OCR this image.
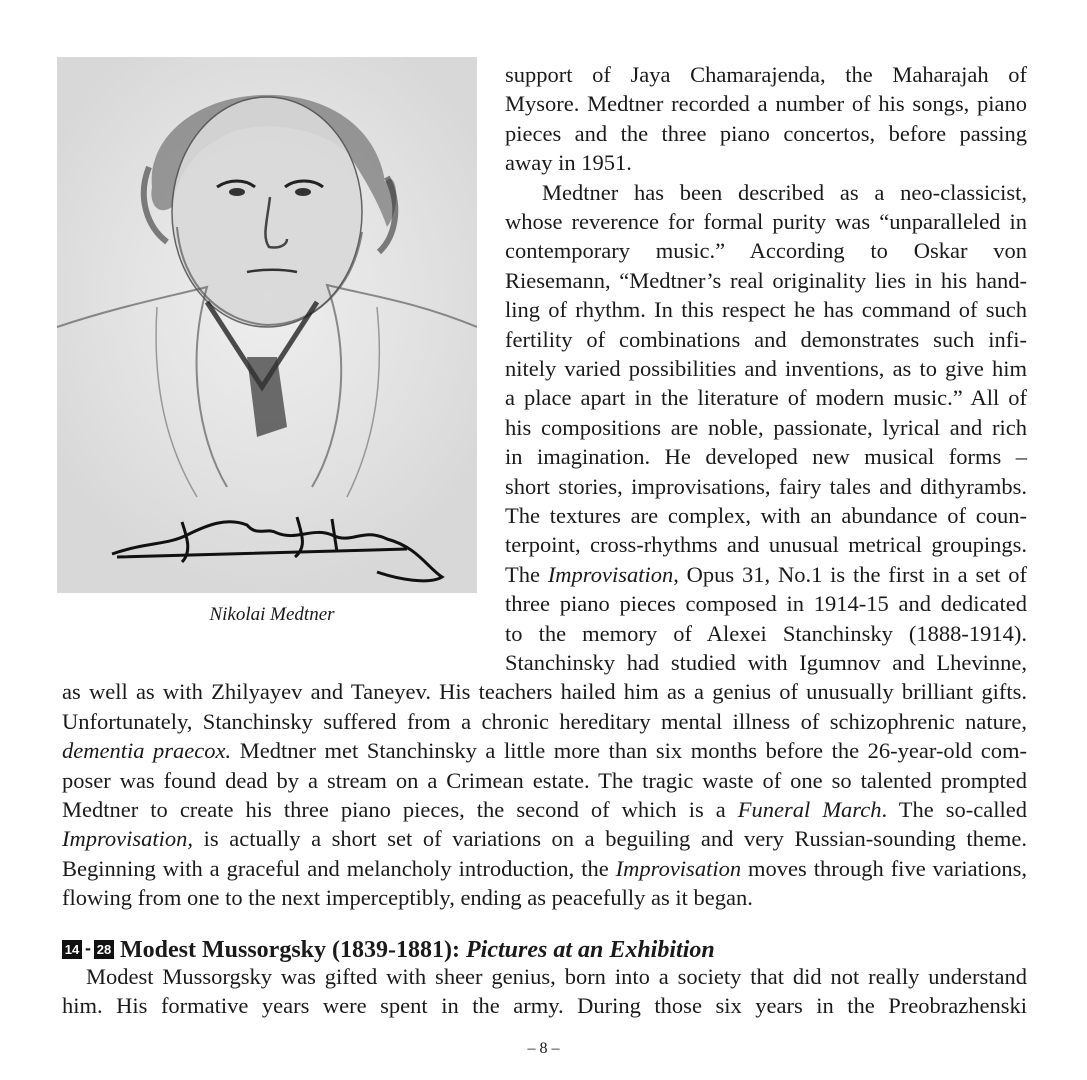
Nikolai Medtner
support of Jaya Chamarajenda, the Maharajah of
Mysore. Medtner recorded a number of his songs, piano
pieces and the three piano concertos, before passing
away in 1951.
Medtner has been described as a neo-classicist,
whose reverence for formal purity was “unparalleled in
contemporary music.” According to Oskar von
Riesemann, “Medtner’s real originality lies in his hand-
ling of rhythm. In this respect he has command of such
fertility of combinations and demonstrates such infi-
nitely varied possibilities and inventions, as to give him
a place apart in the literature of modern music.” All of
his compositions are noble, passionate, lyrical and rich
in imagination. He developed new musical forms –
short stories, improvisations, fairy tales and dithyrambs.
The textures are complex, with an abundance of coun-
terpoint, cross-rhythms and unusual metrical groupings.
The Improvisation, Opus 31, No.1 is the first in a set of
three piano pieces composed in 1914-15 and dedicated
to the memory of Alexei Stanchinsky (1888-1914).
Stanchinsky had studied with Igumnov and Lhevinne,
as well as with Zhilyayev and Taneyev. His teachers hailed him as a genius of unusually brilliant gifts.
Unfortunately, Stanchinsky suffered from a chronic hereditary mental illness of schizophrenic nature,
dementia praecox. Medtner met Stanchinsky a little more than six months before the 26-year-old com-
poser was found dead by a stream on a Crimean estate. The tragic waste of one so talented prompted
Medtner to create his three piano pieces, the second of which is a Funeral March. The so-called
Improvisation, is actually a short set of variations on a beguiling and very Russian-sounding theme.
Beginning with a graceful and melancholy introduction, the Improvisation moves through five variations,
flowing from one to the next imperceptibly, ending as peacefully as it began.
14 - 28 Modest Mussorgsky (1839-1881): Pictures at an Exhibition
Modest Mussorgsky was gifted with sheer genius, born into a society that did not really understand
him. His formative years were spent in the army. During those six years in the Preobrazhenski
– 8 –
